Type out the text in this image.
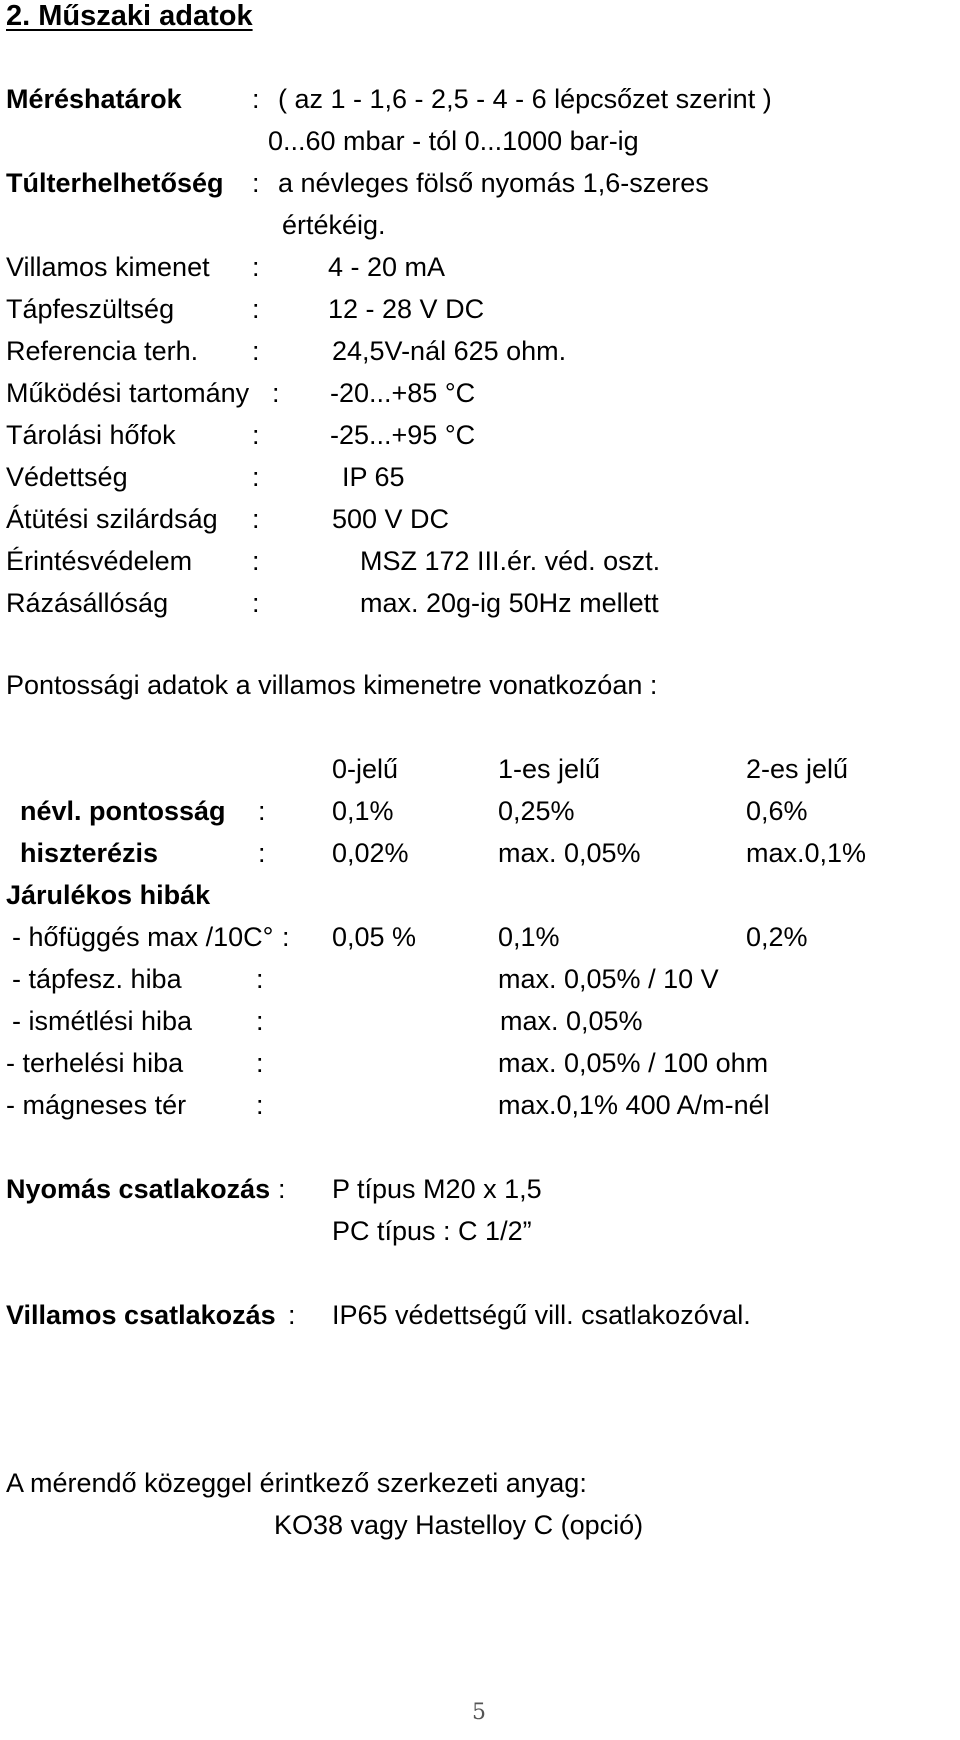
2. Műszaki adatok
Méréshatárok	: ( az 1 - 1,6 - 2,5 - 4 - 6 lépcsőzet szerint )
0...60 mbar - tól 0...1000 bar-ig
Túlterhelhetőség : a névleges fölső nyomás 1,6-szeres
értékéig.
Villamos kimenet :	4 - 20 mA
Tápfeszültség	:	12 - 28 V DC
Referencia terh. :	24,5V-nál 625 ohm.
Működési tartomány : -20...+85 °C
Tárolási hőfok	:	-25...+95 °C
Védettség	:	IP 65
Átütési szilárdság :	500 V DC
Érintésvédelem :	MSZ 172 III.ér. véd. oszt.
Rázásállóság	:	max. 20g-ig 50Hz mellett
Pontossági adatok a villamos kimenetre vonatkozóan :
0-jelű	1-es jelű	2-es jelű
névl. pontosság : 0,1%	0,25%	0,6%
hiszterézis	: 0,02%	max. 0,05%	max.0,1%
Járulékos hibák
- hőfüggés max /10C° : 0,05 %	0,1%	0,2%
- tápfesz. hiba	:	max. 0,05% / 10 V
- ismétlési hiba :	max. 0,05%
- terhelési hiba	:	max. 0,05% / 100 ohm
- mágneses tér	:	max.0,1% 400 A/m-nél
Nyomás csatlakozás : P típus M20 x 1,5
PC típus : C 1/2”
Villamos csatlakozás : IP65 védettségű vill. csatlakozóval.
A mérendő közeggel érintkező szerkezeti anyag:
KO38 vagy Hastelloy C (opció)
5
